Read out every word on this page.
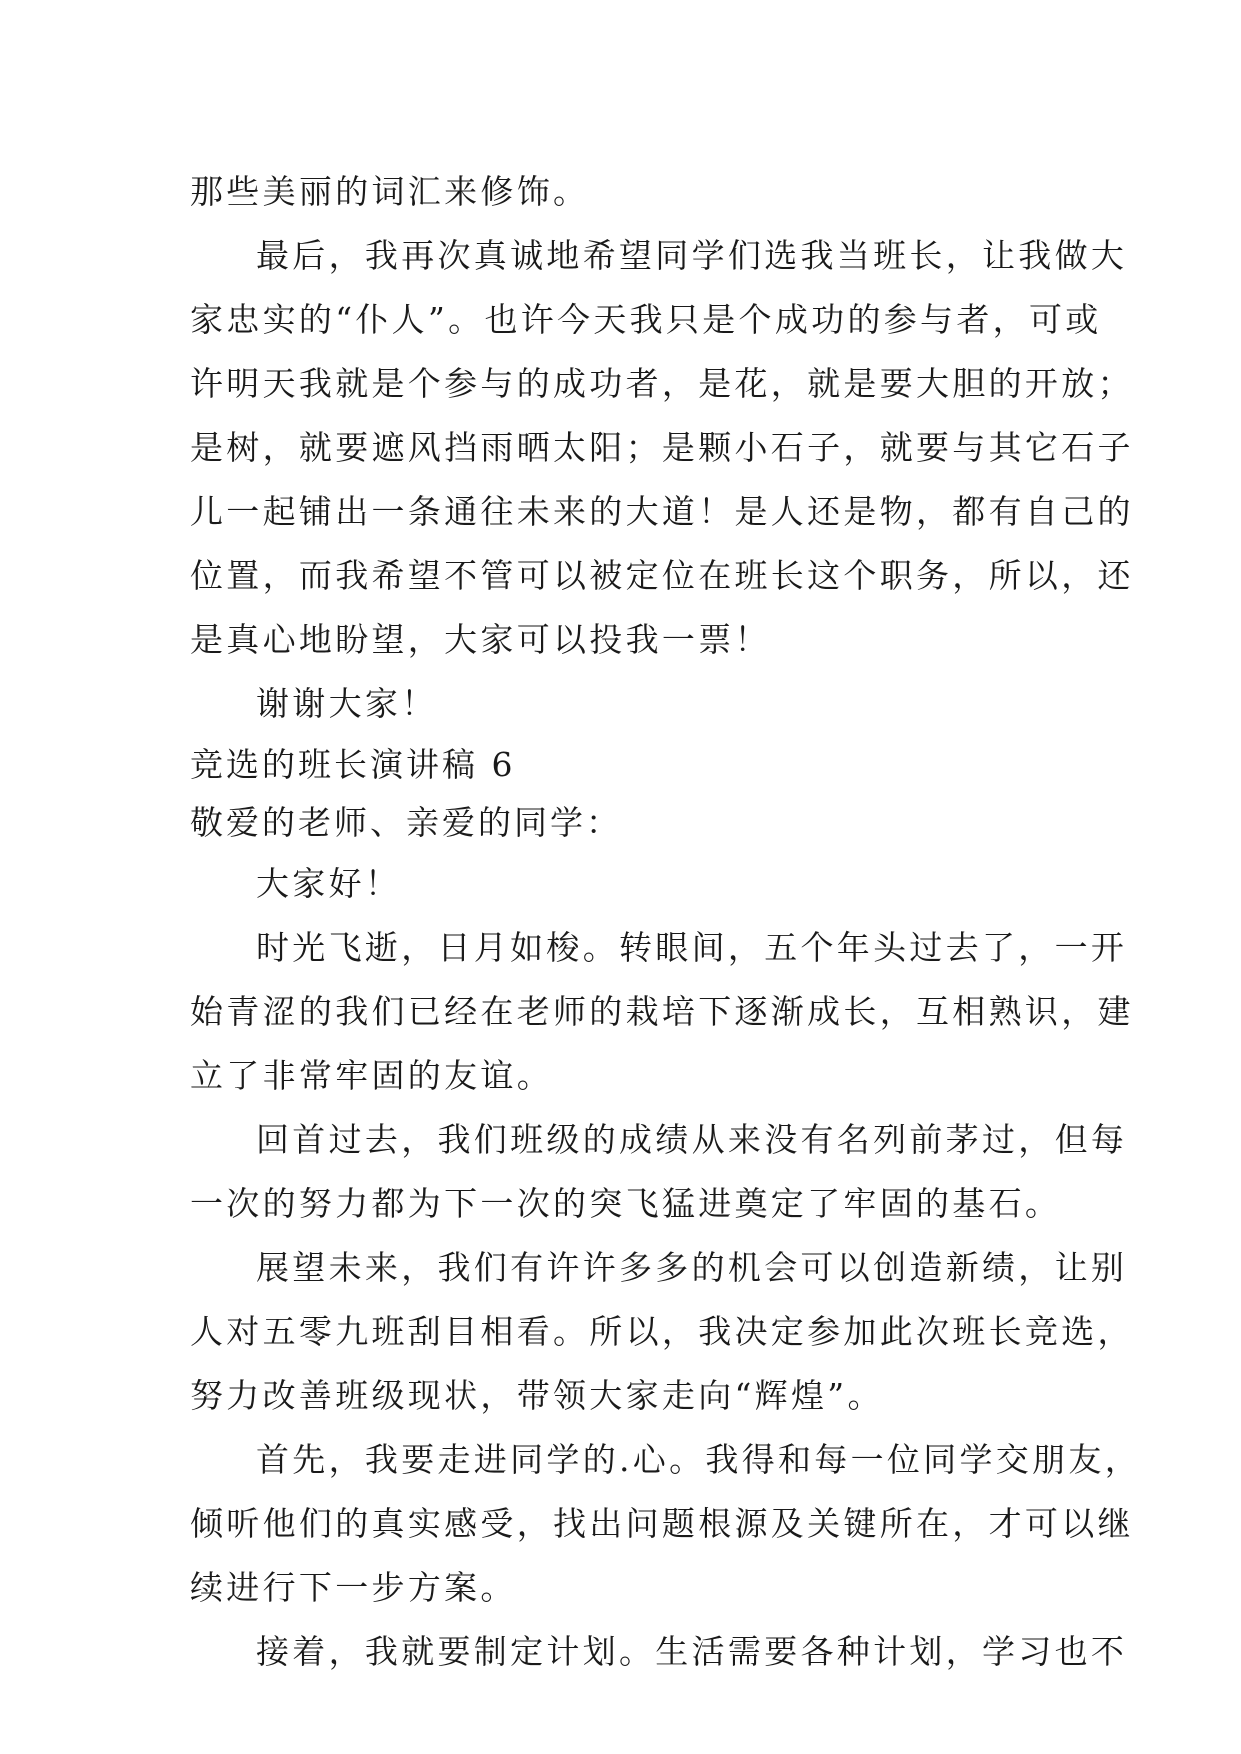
那些美丽的词汇来修饰。
最后，我再次真诚地希望同学们选我当班长，让我做大
家忠实的“仆人”。也许今天我只是个成功的参与者，可或
许明天我就是个参与的成功者，是花，就是要大胆的开放；
是树，就要遮风挡雨晒太阳；是颗小石子，就要与其它石子
儿一起铺出一条通往未来的大道！是人还是物，都有自己的
位置，而我希望不管可以被定位在班长这个职务，所以，还
是真心地盼望，大家可以投我一票！
谢谢大家！
竞选的班长演讲稿 6
敬爱的老师、亲爱的同学：
大家好！
时光飞逝，日月如梭。转眼间，五个年头过去了，一开
始青涩的我们已经在老师的栽培下逐渐成长，互相熟识，建
立了非常牢固的友谊。
回首过去，我们班级的成绩从来没有名列前茅过，但每
一次的努力都为下一次的突飞猛进奠定了牢固的基石。
展望未来，我们有许许多多的机会可以创造新绩，让别
人对五零九班刮目相看。所以，我决定参加此次班长竞选，
努力改善班级现状，带领大家走向“辉煌”。
首先，我要走进同学的.心。我得和每一位同学交朋友，
倾听他们的真实感受，找出问题根源及关键所在，才可以继
续进行下一步方案。
接着，我就要制定计划。生活需要各种计划，学习也不
